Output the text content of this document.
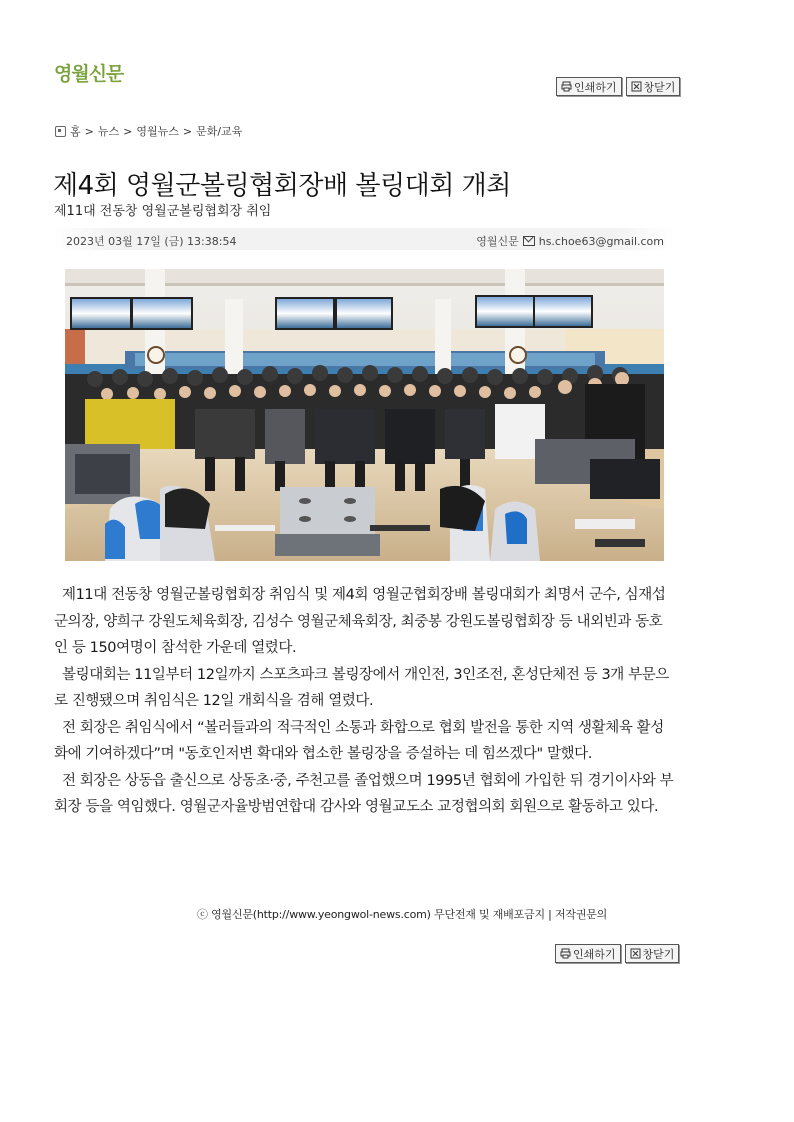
영월신문
인쇄하기 창닫기
홈 > 뉴스 > 영월뉴스 > 문화/교육
제4회 영월군볼링협회장배 볼링대회 개최
제11대 전동창 영월군볼링협회장 취임
2023년 03월 17일 (금) 13:38:54	영월신문 hs.choe63@gmail.com

제11대 전동창 영월군볼링협회장 취임식 및 제4회 영월군협회장배 볼링대회가 최명서 군수, 심재섭 군의장, 양희구 강원도체육회장, 김성수 영월군체육회장, 최중봉 강원도볼링협회장 등 내외빈과 동호인 등 150여명이 참석한 가운데 열렸다.

볼링대회는 11일부터 12일까지 스포츠파크 볼링장에서 개인전, 3인조전, 혼성단체전 등 3개 부문으로 진행됐으며 취임식은 12일 개회식을 겸해 열렸다.

전 회장은 취임식에서 “볼러들과의 적극적인 소통과 화합으로 협회 발전을 통한 지역 생활체육 활성화에 기여하겠다”며 "동호인저변 확대와 협소한 볼링장을 증설하는 데 힘쓰겠다" 말했다.

전 회장은 상동읍 출신으로 상동초·중, 주천고를 졸업했으며 1995년 협회에 가입한 뒤 경기이사와 부회장 등을 역임했다. 영월군자율방범연합대 감사와 영월교도소 교정협의회 회원으로 활동하고 있다.

ⓒ 영월신문(http://www.yeongwol-news.com) 무단전재 및 재배포금지 | 저작권문의
인쇄하기 창닫기
